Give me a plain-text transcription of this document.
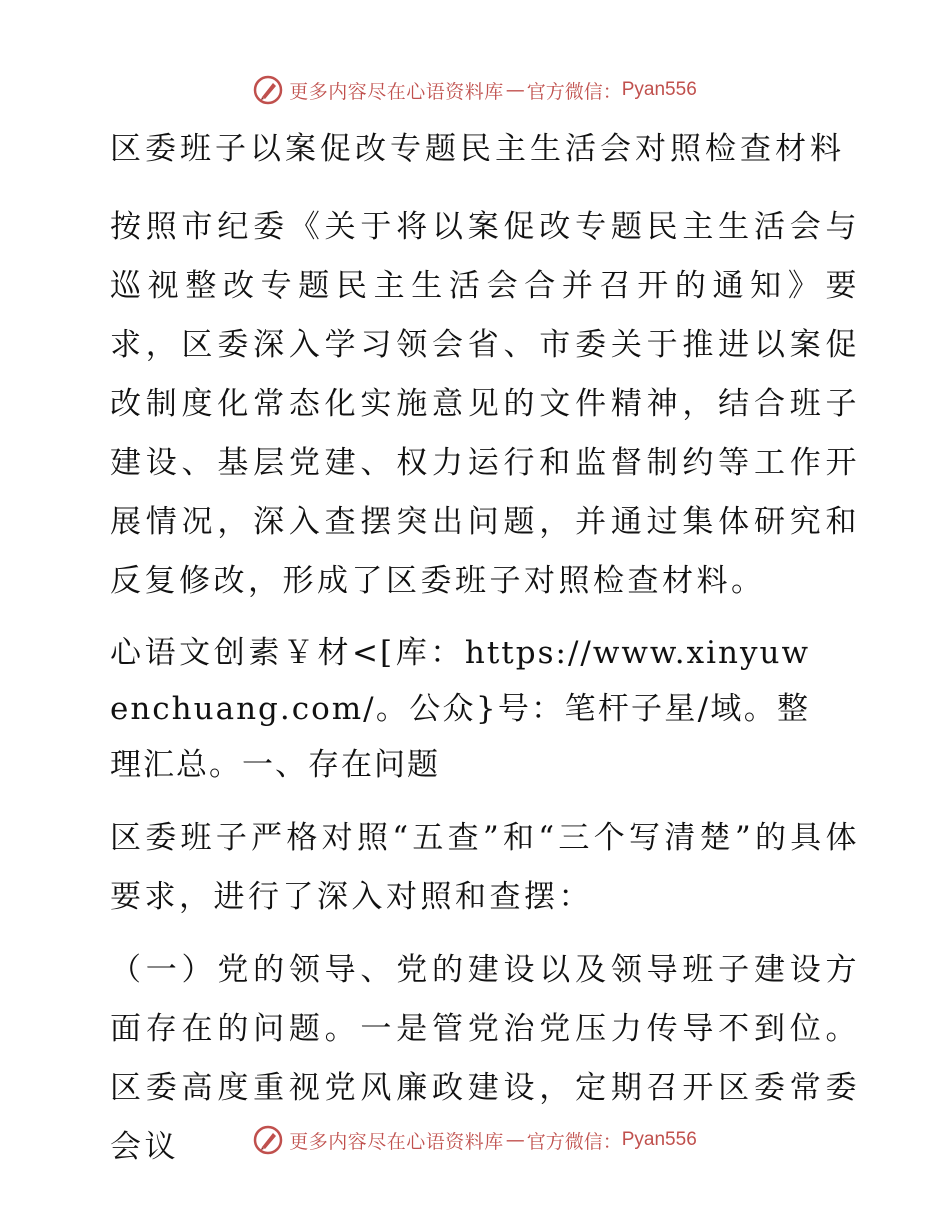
更多内容尽在心语资料库 — 官方微信： Pyan556
区委班子以案促改专题民主生活会对照检查材料

按照市纪委《关于将以案促改专题民主生活会与巡视整改专题民主生活会合并召开的通知》要求，区委深入学习领会省、市委关于推进以案促改制度化常态化实施意见的文件精神，结合班子建设、基层党建、权力运行和监督制约等工作开展情况，深入查摆突出问题，并通过集体研究和反复修改，形成了区委班子对照检查材料。

心语文创素￥材<[库：https://www.xinyuwenchuang.com/。公众}号：笔杆子星/域。整理汇总。一、存在问题

区委班子严格对照“五查”和“三个写清楚”的具体要求，进行了深入对照和查摆：

（一）党的领导、党的建设以及领导班子建设方面存在的问题。一是管党治党压力传导不到位。区委高度重视党风廉政建设，定期召开区委常委会议	更多内容尽在心语资料库 — 官方微信： Pyan556
